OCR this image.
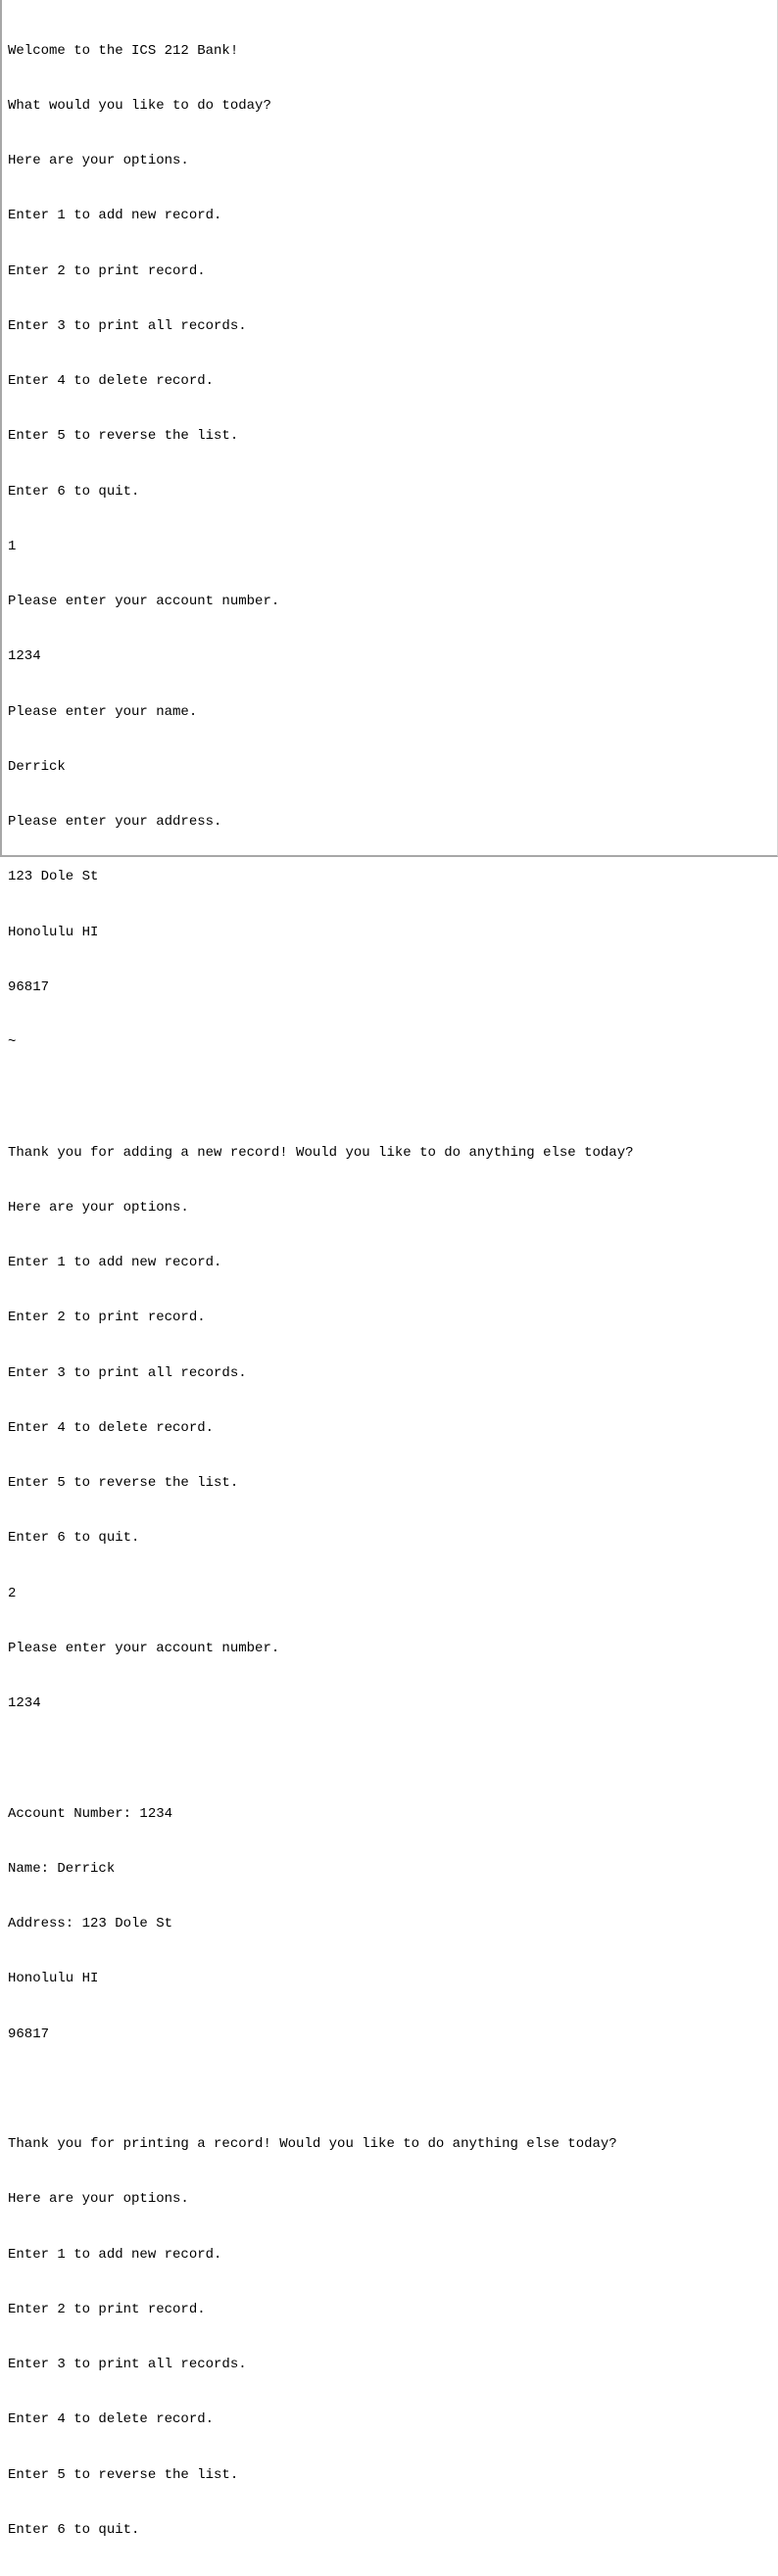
Welcome to the ICS 212 Bank!

What would you like to do today?

Here are your options.

Enter 1 to add new record.

Enter 2 to print record.

Enter 3 to print all records.

Enter 4 to delete record.

Enter 5 to reverse the list.

Enter 6 to quit.

1

Please enter your account number.

1234

Please enter your name.

Derrick

Please enter your address.

123 Dole St

Honolulu HI

96817

~

Thank you for adding a new record! Would you like to do anything else today?

Here are your options.

Enter 1 to add new record.

Enter 2 to print record.

Enter 3 to print all records.

Enter 4 to delete record.

Enter 5 to reverse the list.

Enter 6 to quit.

2

Please enter your account number.

1234

Account Number: 1234

Name: Derrick

Address: 123 Dole St

Honolulu HI

96817

Thank you for printing a record! Would you like to do anything else today?

Here are your options.

Enter 1 to add new record.

Enter 2 to print record.

Enter 3 to print all records.

Enter 4 to delete record.

Enter 5 to reverse the list.

Enter 6 to quit.
